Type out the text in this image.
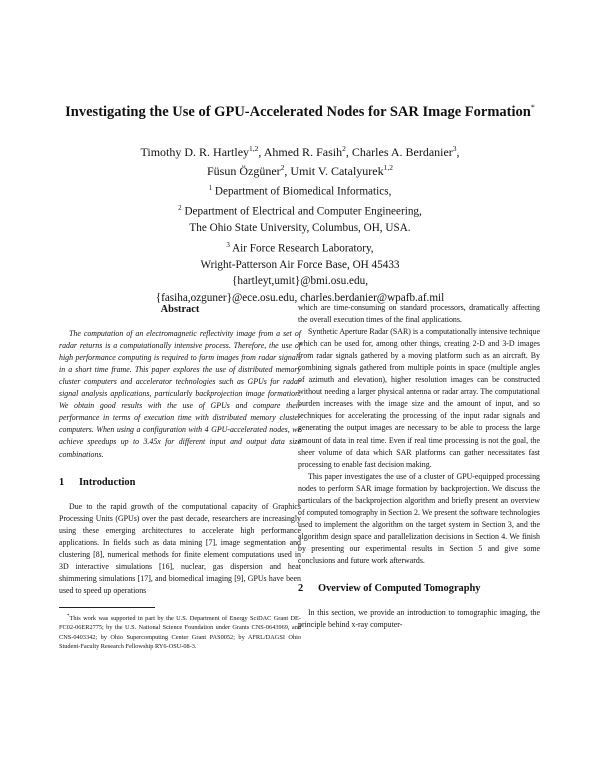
Investigating the Use of GPU-Accelerated Nodes for SAR Image Formation*
Timothy D. R. Hartley$^{1,2}$, Ahmed R. Fasih$^2$, Charles A. Berdanier$^3$,
Füsun Özgüner$^2$, Umit V. Catalyurek$^{1,2}$
$^1$ Department of Biomedical Informatics,
$^2$ Department of Electrical and Computer Engineering,
The Ohio State University, Columbus, OH, USA.
$^3$ Air Force Research Laboratory,
Wright-Patterson Air Force Base, OH 45433
{hartleyt,umit}@bmi.osu.edu,
{fasiha,ozguner}@ece.osu.edu, charles.berdanier@wpafb.af.mil
Abstract

The computation of an electromagnetic reflectivity image from a set of radar returns is a computationally intensive process. Therefore, the use of high performance computing is required to form images from radar signals in a short time frame. This paper explores the use of distributed memory cluster computers and accelerator technologies such as GPUs for radar signal analysis applications, particularly backprojection image formation. We obtain good results with the use of GPUs and compare their performance in terms of execution time with distributed memory cluster computers. When using a configuration with 4 GPU-accelerated nodes, we achieve speedups up to 3.45x for different input and output data size combinations.

1 Introduction

Due to the rapid growth of the computational capacity of Graphics Processing Units (GPUs) over the past decade, researchers are increasingly using these emerging architectures to accelerate high performance applications. In fields such as data mining [7], image segmentation and clustering [8], numerical methods for finite element computations used in 3D interactive simulations [16], nuclear, gas dispersion and heat shimmering simulations [17], and biomedical imaging [9], GPUs have been used to speed up operations

*This work was supported in part by the U.S. Department of Energy SciDAC Grant DE-FC02-06ER2775; by the U.S. National Science Foundation under Grants CNS-0643969, and CNS-0403342; by Ohio Supercomputing Center Grant PAS0052; by AFRL/DAGSI Ohio Student-Faculty Research Fellowship RY6-OSU-08-3.

which are time-consuming on standard processors, dramatically affecting the overall execution times of the final applications.

Synthetic Aperture Radar (SAR) is a computationally intensive technique which can be used for, among other things, creating 2-D and 3-D images from radar signals gathered by a moving platform such as an aircraft. By combining signals gathered from multiple points in space (multiple angles of azimuth and elevation), higher resolution images can be constructed without needing a larger physical antenna or radar array. The computational burden increases with the image size and the amount of input, and so techniques for accelerating the processing of the input radar signals and generating the output images are necessary to be able to process the large amount of data in real time. Even if real time processing is not the goal, the sheer volume of data which SAR platforms can gather necessitates fast processing to enable fast decision making.

This paper investigates the use of a cluster of GPU-equipped processing nodes to perform SAR image formation by backprojection. We discuss the particulars of the backprojection algorithm and briefly present an overview of computed tomography in Section 2. We present the software technologies used to implement the algorithm on the target system in Section 3, and the algorithm design space and parallelization decisions in Section 4. We finish by presenting our experimental results in Section 5 and give some conclusions and future work afterwards.

2 Overview of Computed Tomography

In this section, we provide an introduction to tomographic imaging, the principle behind x-ray computer-
